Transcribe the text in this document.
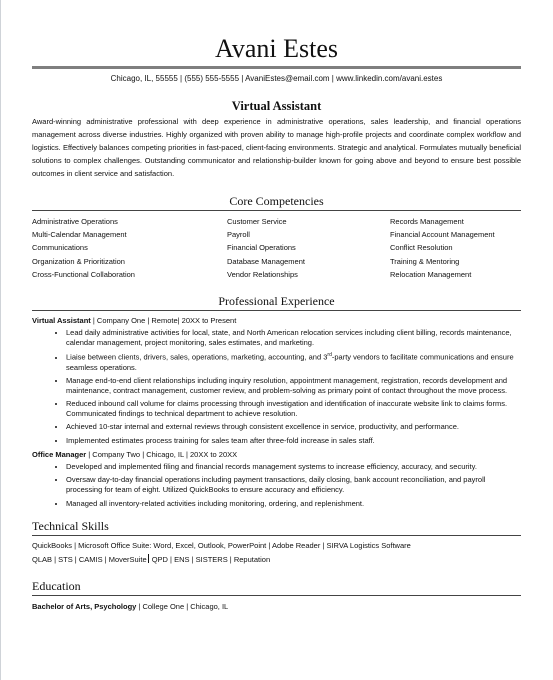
Avani Estes
Chicago, IL, 55555 | (555) 555-5555 | AvaniEstes@email.com | www.linkedin.com/avani.estes
Virtual Assistant
Award-winning administrative professional with deep experience in administrative operations, sales leadership, and financial operations management across diverse industries. Highly organized with proven ability to manage high-profile projects and coordinate complex workflow and logistics. Effectively balances competing priorities in fast-paced, client-facing environments. Strategic and analytical. Formulates mutually beneficial solutions to complex challenges. Outstanding communicator and relationship-builder known for going above and beyond to ensure best possible outcomes in client service and satisfaction.
Core Competencies
Administrative Operations
Multi-Calendar Management
Communications
Organization & Prioritization
Cross-Functional Collaboration
Customer Service
Payroll
Financial Operations
Database Management
Vendor Relationships
Records Management
Financial Account Management
Conflict Resolution
Training & Mentoring
Relocation Management
Professional Experience
Virtual Assistant | Company One | Remote| 20XX to Present
• Lead daily administrative activities for local, state, and North American relocation services including client billing, records maintenance, calendar management, project monitoring, sales estimates, and marketing.
• Liaise between clients, drivers, sales, operations, marketing, accounting, and 3rd-party vendors to facilitate communications and ensure seamless operations.
• Manage end-to-end client relationships including inquiry resolution, appointment management, registration, records development and maintenance, contract management, customer review, and problem-solving as primary point of contact throughout the move process.
• Reduced inbound call volume for claims processing through investigation and identification of inaccurate website link to claims forms. Communicated findings to technical department to achieve resolution.
• Achieved 10-star internal and external reviews through consistent excellence in service, productivity, and performance.
• Implemented estimates process training for sales team after three-fold increase in sales staff.
Office Manager | Company Two | Chicago, IL | 20XX to 20XX
• Developed and implemented filing and financial records management systems to increase efficiency, accuracy, and security.
• Oversaw day-to-day financial operations including payment transactions, daily closing, bank account reconciliation, and payroll processing for team of eight. Utilized QuickBooks to ensure accuracy and efficiency.
• Managed all inventory-related activities including monitoring, ordering, and replenishment.
Technical Skills
QuickBooks | Microsoft Office Suite: Word, Excel, Outlook, PowerPoint | Adobe Reader | SIRVA Logistics Software
QLAB | STS | CAMIS | MoverSuite QPD | ENS | SISTERS | Reputation
Education
Bachelor of Arts, Psychology | College One | Chicago, IL
